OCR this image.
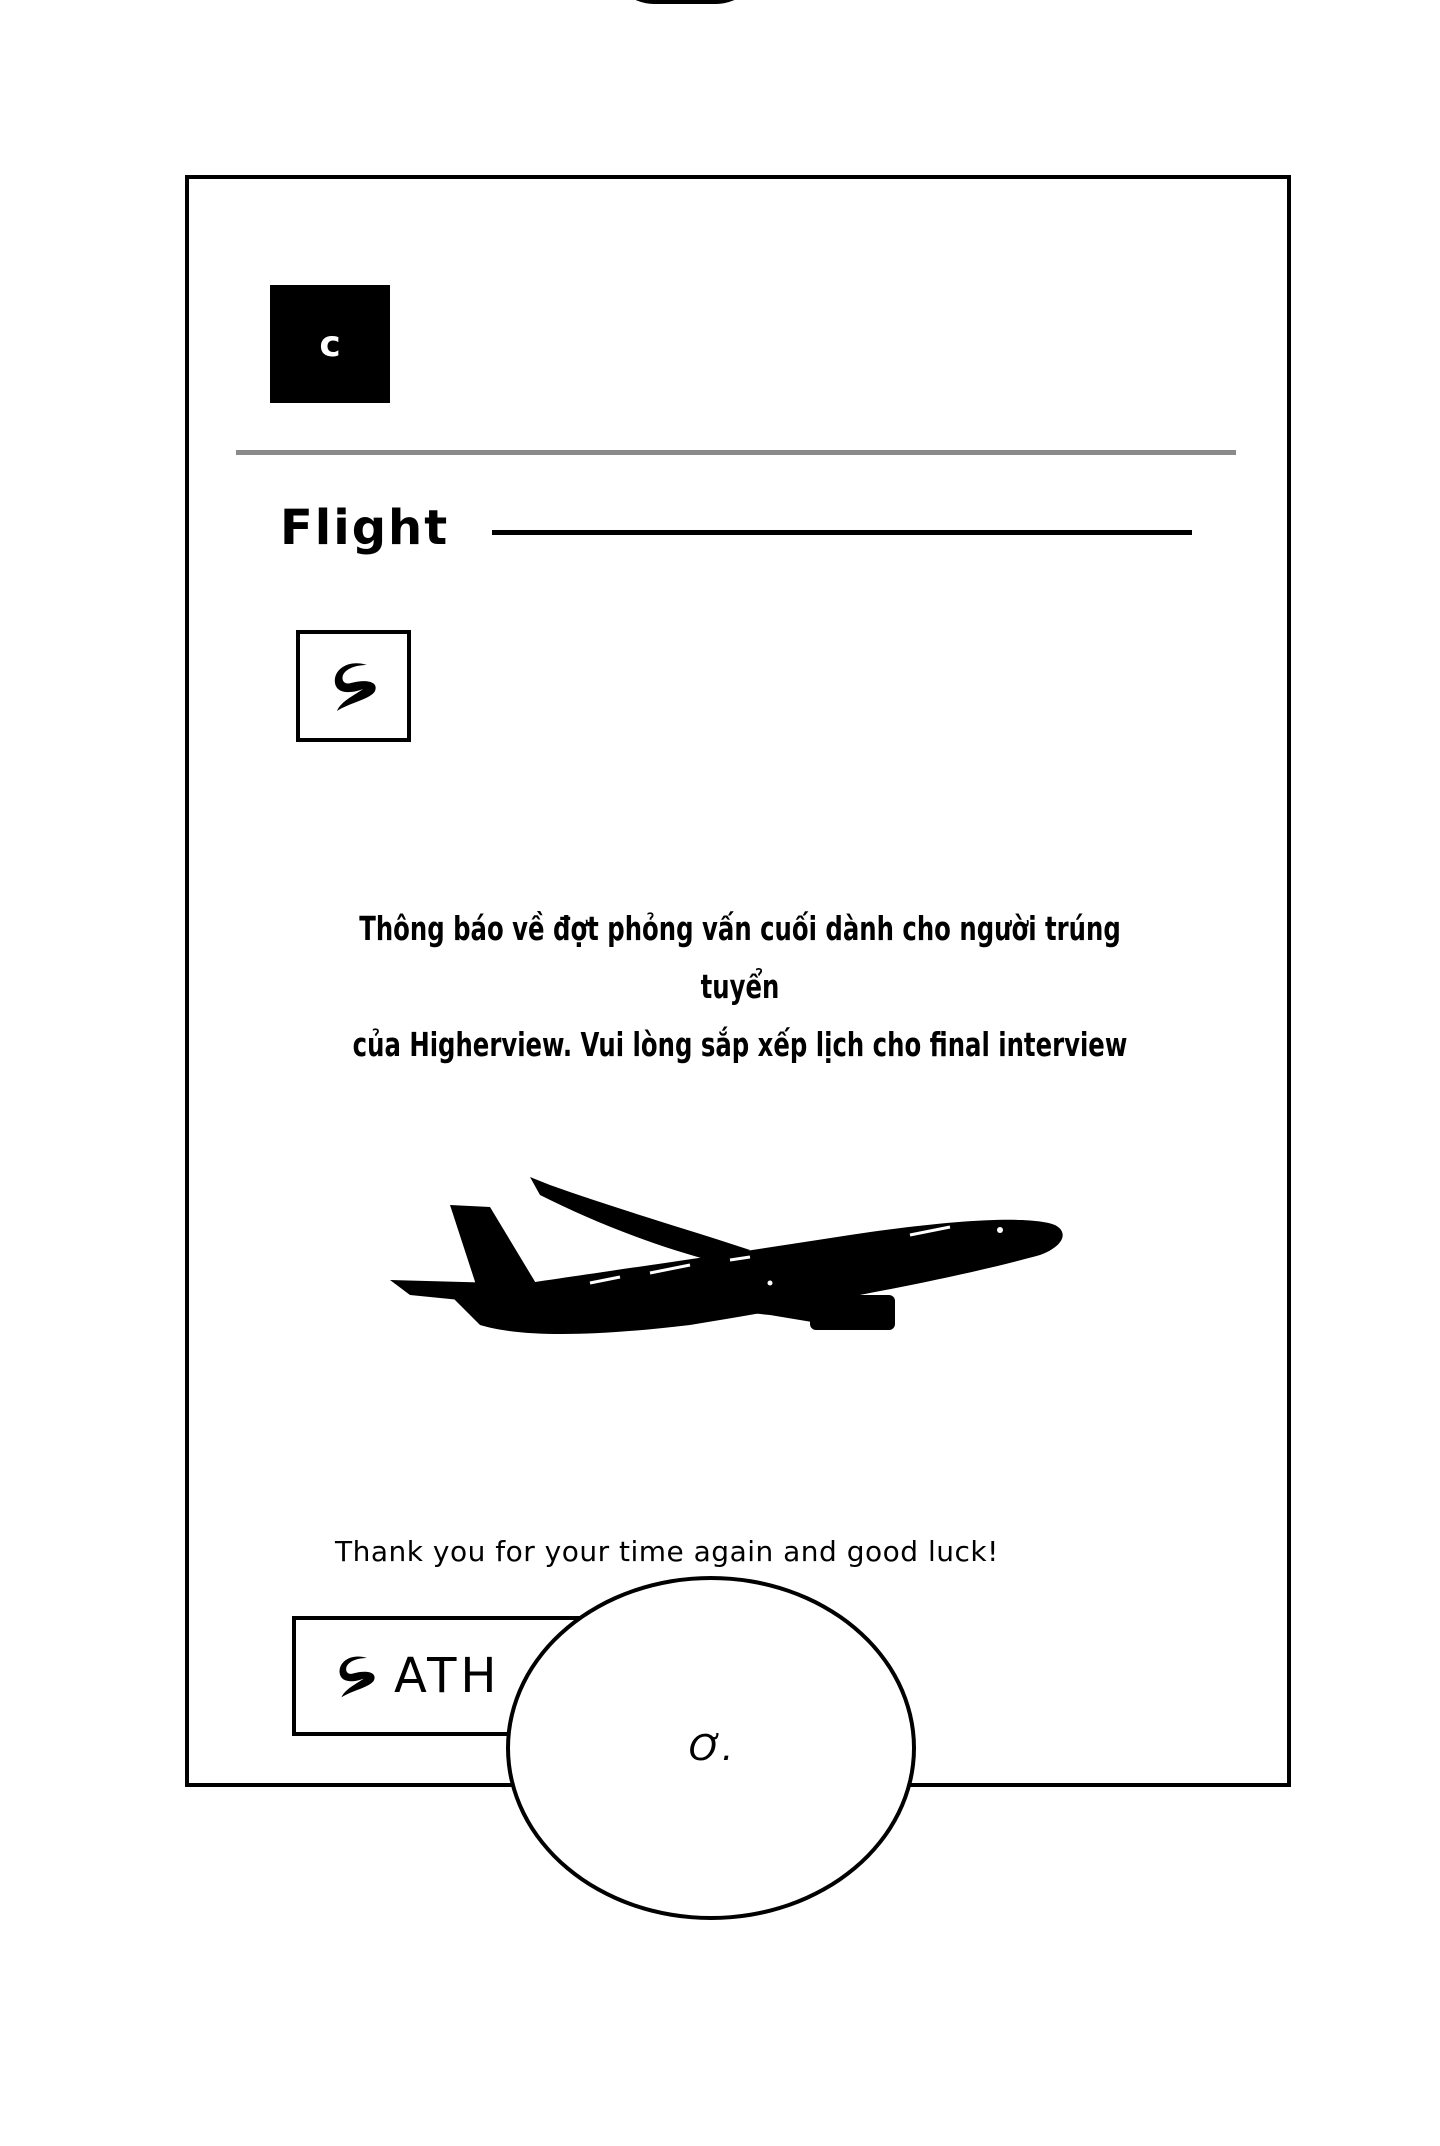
c
Flight
Thông báo về đợt phỏng vấn cuối dành cho người trúng tuyển
của Higherview. Vui lòng sắp xếp lịch cho final interview
Thank you for your time again and good luck!
ATH
Ơ.
